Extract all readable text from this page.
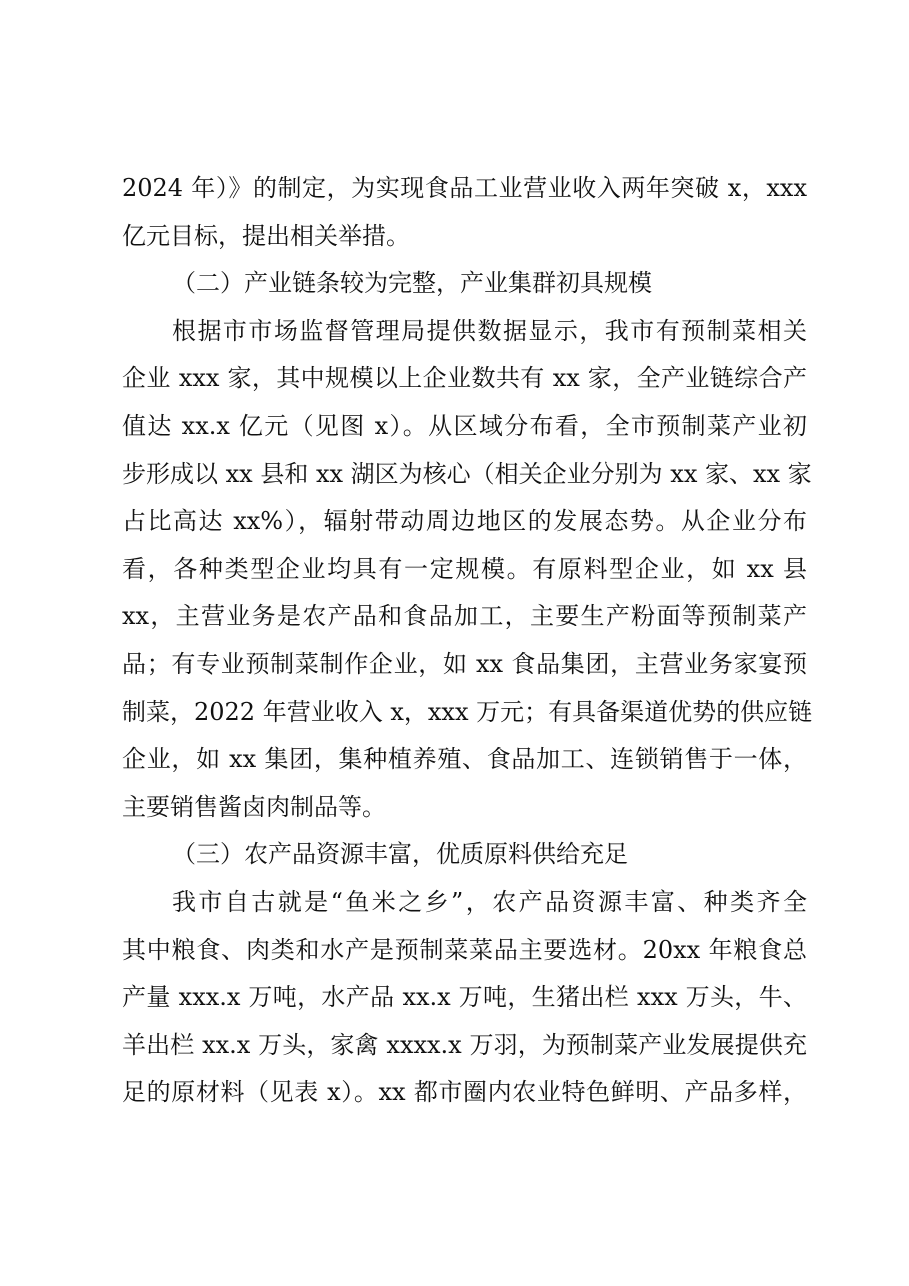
2024 年）》的制定，为实现食品工业营业收入两年突破 x，xxx
亿元目标，提出相关举措。
（二）产业链条较为完整，产业集群初具规模
根据市市场监督管理局提供数据显示，我市有预制菜相关
企业 xxx 家，其中规模以上企业数共有 xx 家，全产业链综合产
值达 xx.x 亿元（见图 x）。从区域分布看，全市预制菜产业初
步形成以 xx 县和 xx 湖区为核心（相关企业分别为 xx 家、xx 家
占比高达 xx%），辐射带动周边地区的发展态势。从企业分布
看，各种类型企业均具有一定规模。有原料型企业，如 xx 县
xx，主营业务是农产品和食品加工，主要生产粉面等预制菜产
品；有专业预制菜制作企业，如 xx 食品集团，主营业务家宴预
制菜，2022 年营业收入 x，xxx 万元；有具备渠道优势的供应链
企业，如 xx 集团，集种植养殖、食品加工、连锁销售于一体，
主要销售酱卤肉制品等。
（三）农产品资源丰富，优质原料供给充足
我市自古就是“鱼米之乡”，农产品资源丰富、种类齐全
其中粮食、肉类和水产是预制菜菜品主要选材。20xx 年粮食总
产量 xxx.x 万吨，水产品 xx.x 万吨，生猪出栏 xxx 万头，牛、
羊出栏 xx.x 万头，家禽 xxxx.x 万羽，为预制菜产业发展提供充
足的原材料（见表 x）。xx 都市圈内农业特色鲜明、产品多样，
